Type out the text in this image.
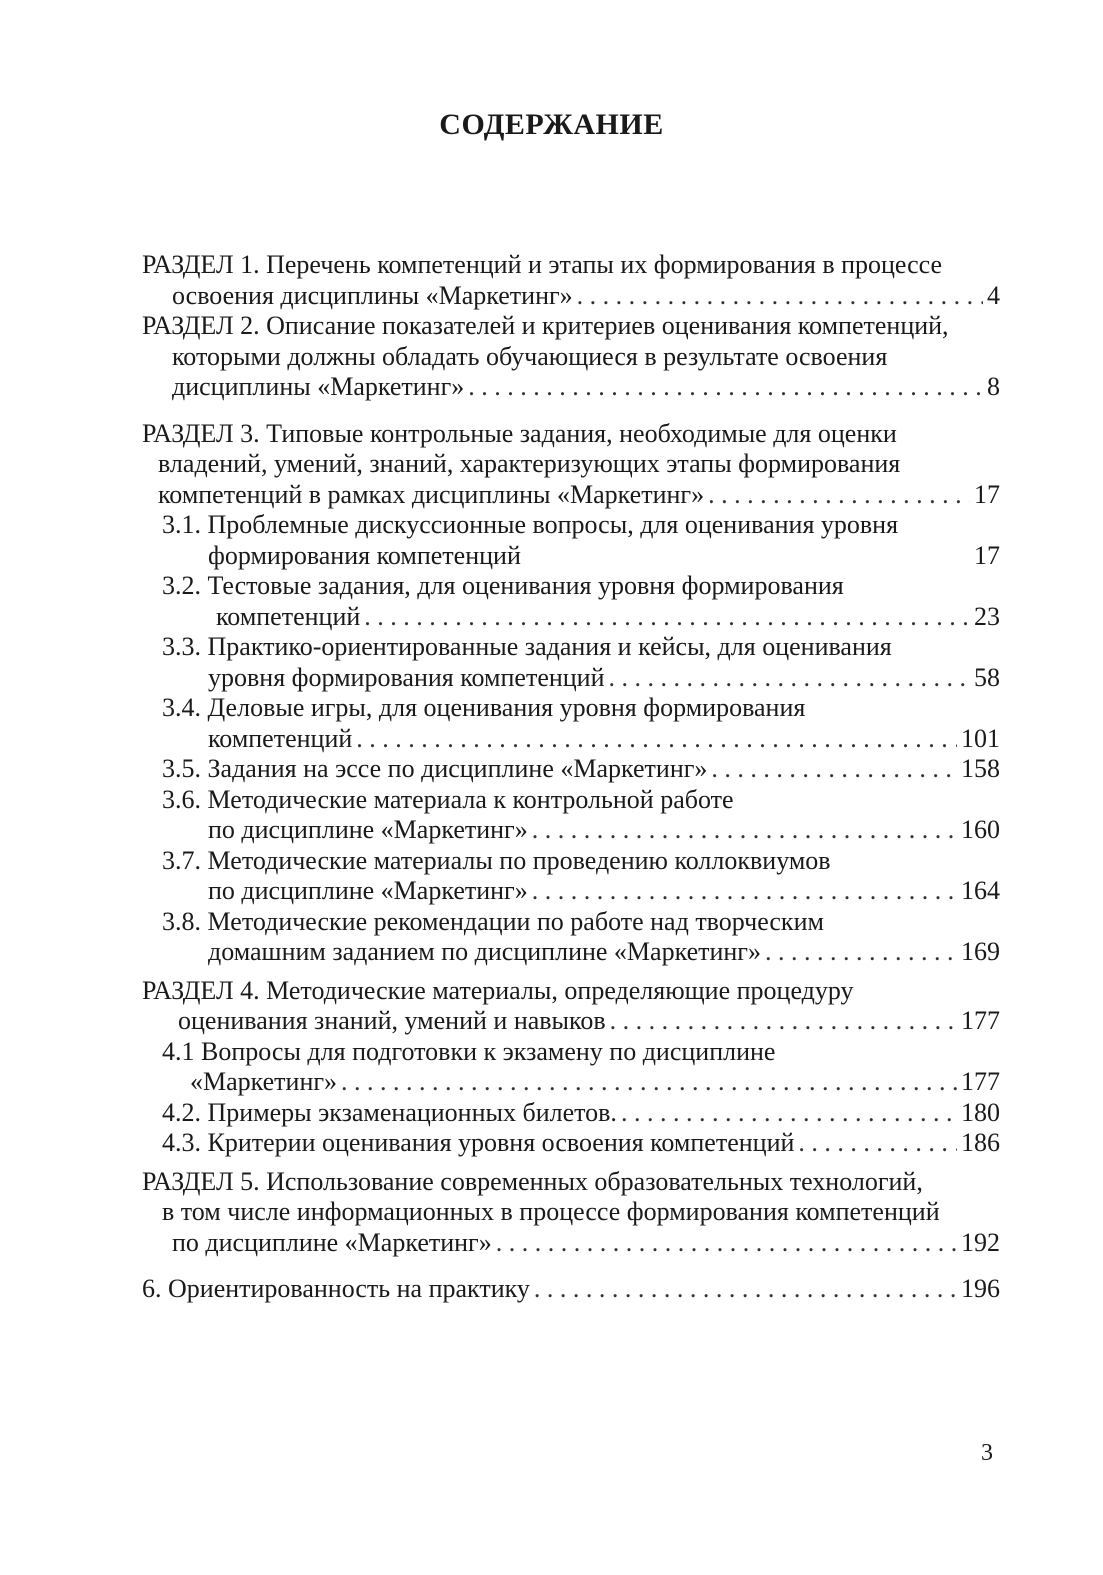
СОДЕРЖАНИЕ
РАЗДЕЛ 1. Перечень компетенций и этапы их формирования в процессе
освоения дисциплины «Маркетинг» . . .	4
РАЗДЕЛ 2. Описание показателей и критериев оценивания компетенций,
которыми должны обладать обучающиеся в результате освоения
дисциплины «Маркетинг» . . .	8
РАЗДЕЛ 3. Типовые контрольные задания, необходимые для оценки
владений, умений, знаний, характеризующих этапы формирования
компетенций в рамках дисциплины «Маркетинг» . . .	17
3.1. Проблемные дискуссионные вопросы, для оценивания уровня
формирования компетенций	17
3.2. Тестовые задания, для оценивания уровня формирования
компетенций . . .	23
3.3. Практико-ориентированные задания и кейсы, для оценивания
уровня формирования компетенций . . .	58
3.4. Деловые игры, для оценивания уровня формирования
компетенций . . .	101
3.5. Задания на эссе по дисциплине «Маркетинг» . . .	158
3.6. Методические материала к контрольной работе
по дисциплине «Маркетинг» . . .	160
3.7. Методические материалы по проведению коллоквиумов
по дисциплине «Маркетинг» . . .	164
3.8. Методические рекомендации по работе над творческим
домашним заданием по дисциплине «Маркетинг» . . .	169
РАЗДЕЛ 4. Методические материалы, определяющие процедуру
оценивания знаний, умений и навыков . . .	177
4.1 Вопросы для подготовки к экзамену по дисциплине
«Маркетинг» . . .	177
4.2. Примеры экзаменационных билетов. . . .	180
4.3. Критерии оценивания уровня освоения компетенций . . .	186
РАЗДЕЛ 5. Использование современных образовательных технологий,
в том числе информационных в процессе формирования компетенций
по дисциплине «Маркетинг» . . .	192
6. Ориентированность на практику . . .	196
3
